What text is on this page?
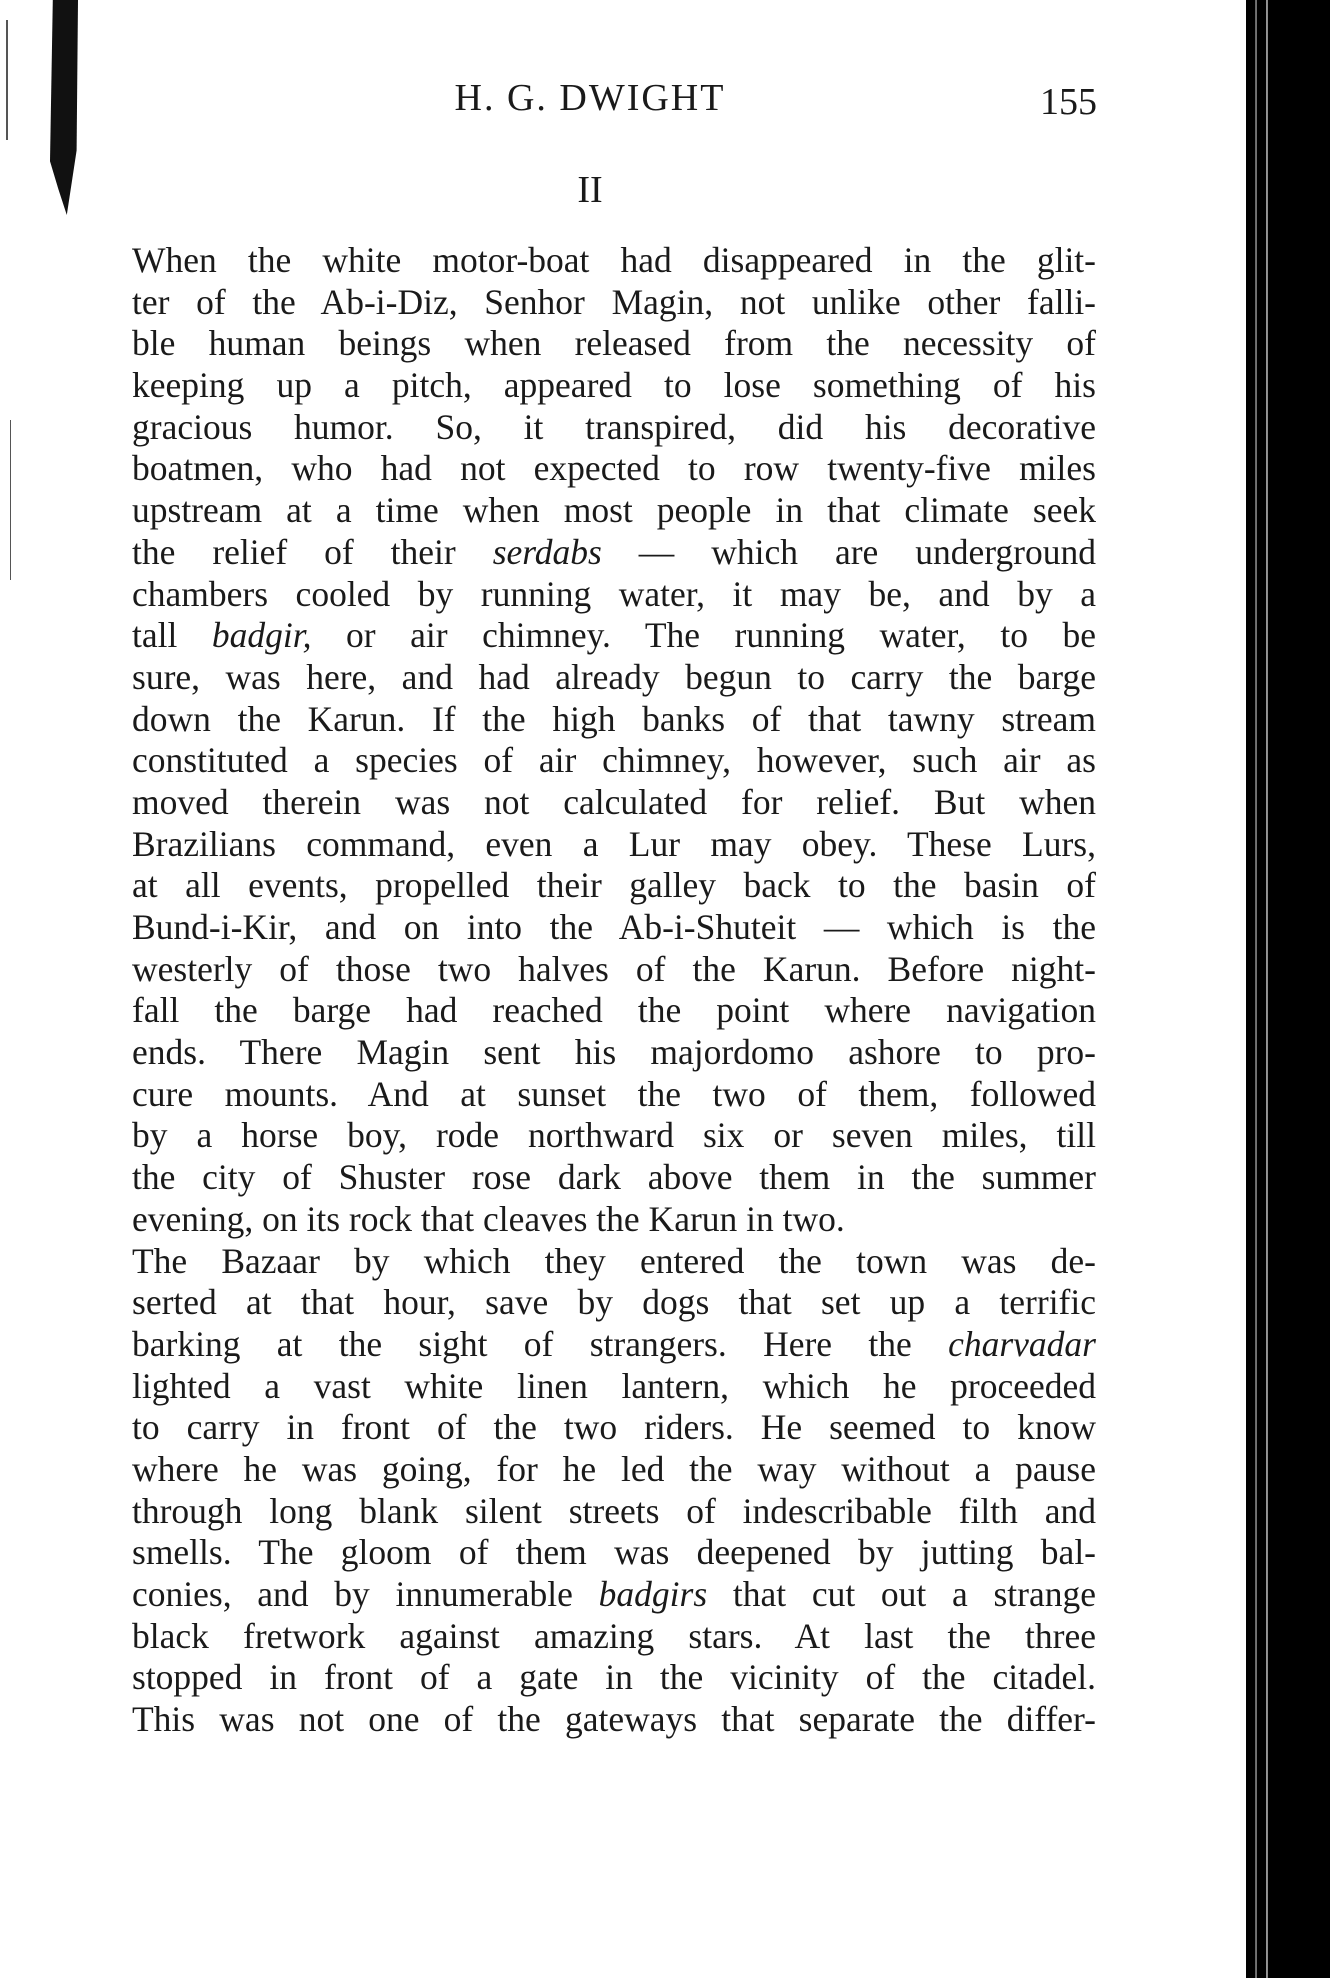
H. G. DWIGHT	155
II
When the white motor-boat had disappeared in the glit-
ter of the Ab-i-Diz, Senhor Magin, not unlike other falli-
ble human beings when released from the necessity of
keeping up a pitch, appeared to lose something of his
gracious humor. So, it transpired, did his decorative
boatmen, who had not expected to row twenty-five miles
upstream at a time when most people in that climate seek
the relief of their serdabs — which are underground
chambers cooled by running water, it may be, and by a
tall badgir, or air chimney. The running water, to be
sure, was here, and had already begun to carry the barge
down the Karun. If the high banks of that tawny stream
constituted a species of air chimney, however, such air as
moved therein was not calculated for relief. But when
Brazilians command, even a Lur may obey. These Lurs,
at all events, propelled their galley back to the basin of
Bund-i-Kir, and on into the Ab-i-Shuteit — which is the
westerly of those two halves of the Karun. Before night-
fall the barge had reached the point where navigation
ends. There Magin sent his majordomo ashore to pro-
cure mounts. And at sunset the two of them, followed
by a horse boy, rode northward six or seven miles, till
the city of Shuster rose dark above them in the summer
evening, on its rock that cleaves the Karun in two.
The Bazaar by which they entered the town was de-
serted at that hour, save by dogs that set up a terrific
barking at the sight of strangers. Here the charvadar
lighted a vast white linen lantern, which he proceeded
to carry in front of the two riders. He seemed to know
where he was going, for he led the way without a pause
through long blank silent streets of indescribable filth and
smells. The gloom of them was deepened by jutting bal-
conies, and by innumerable badgirs that cut out a strange
black fretwork against amazing stars. At last the three
stopped in front of a gate in the vicinity of the citadel.
This was not one of the gateways that separate the differ-
